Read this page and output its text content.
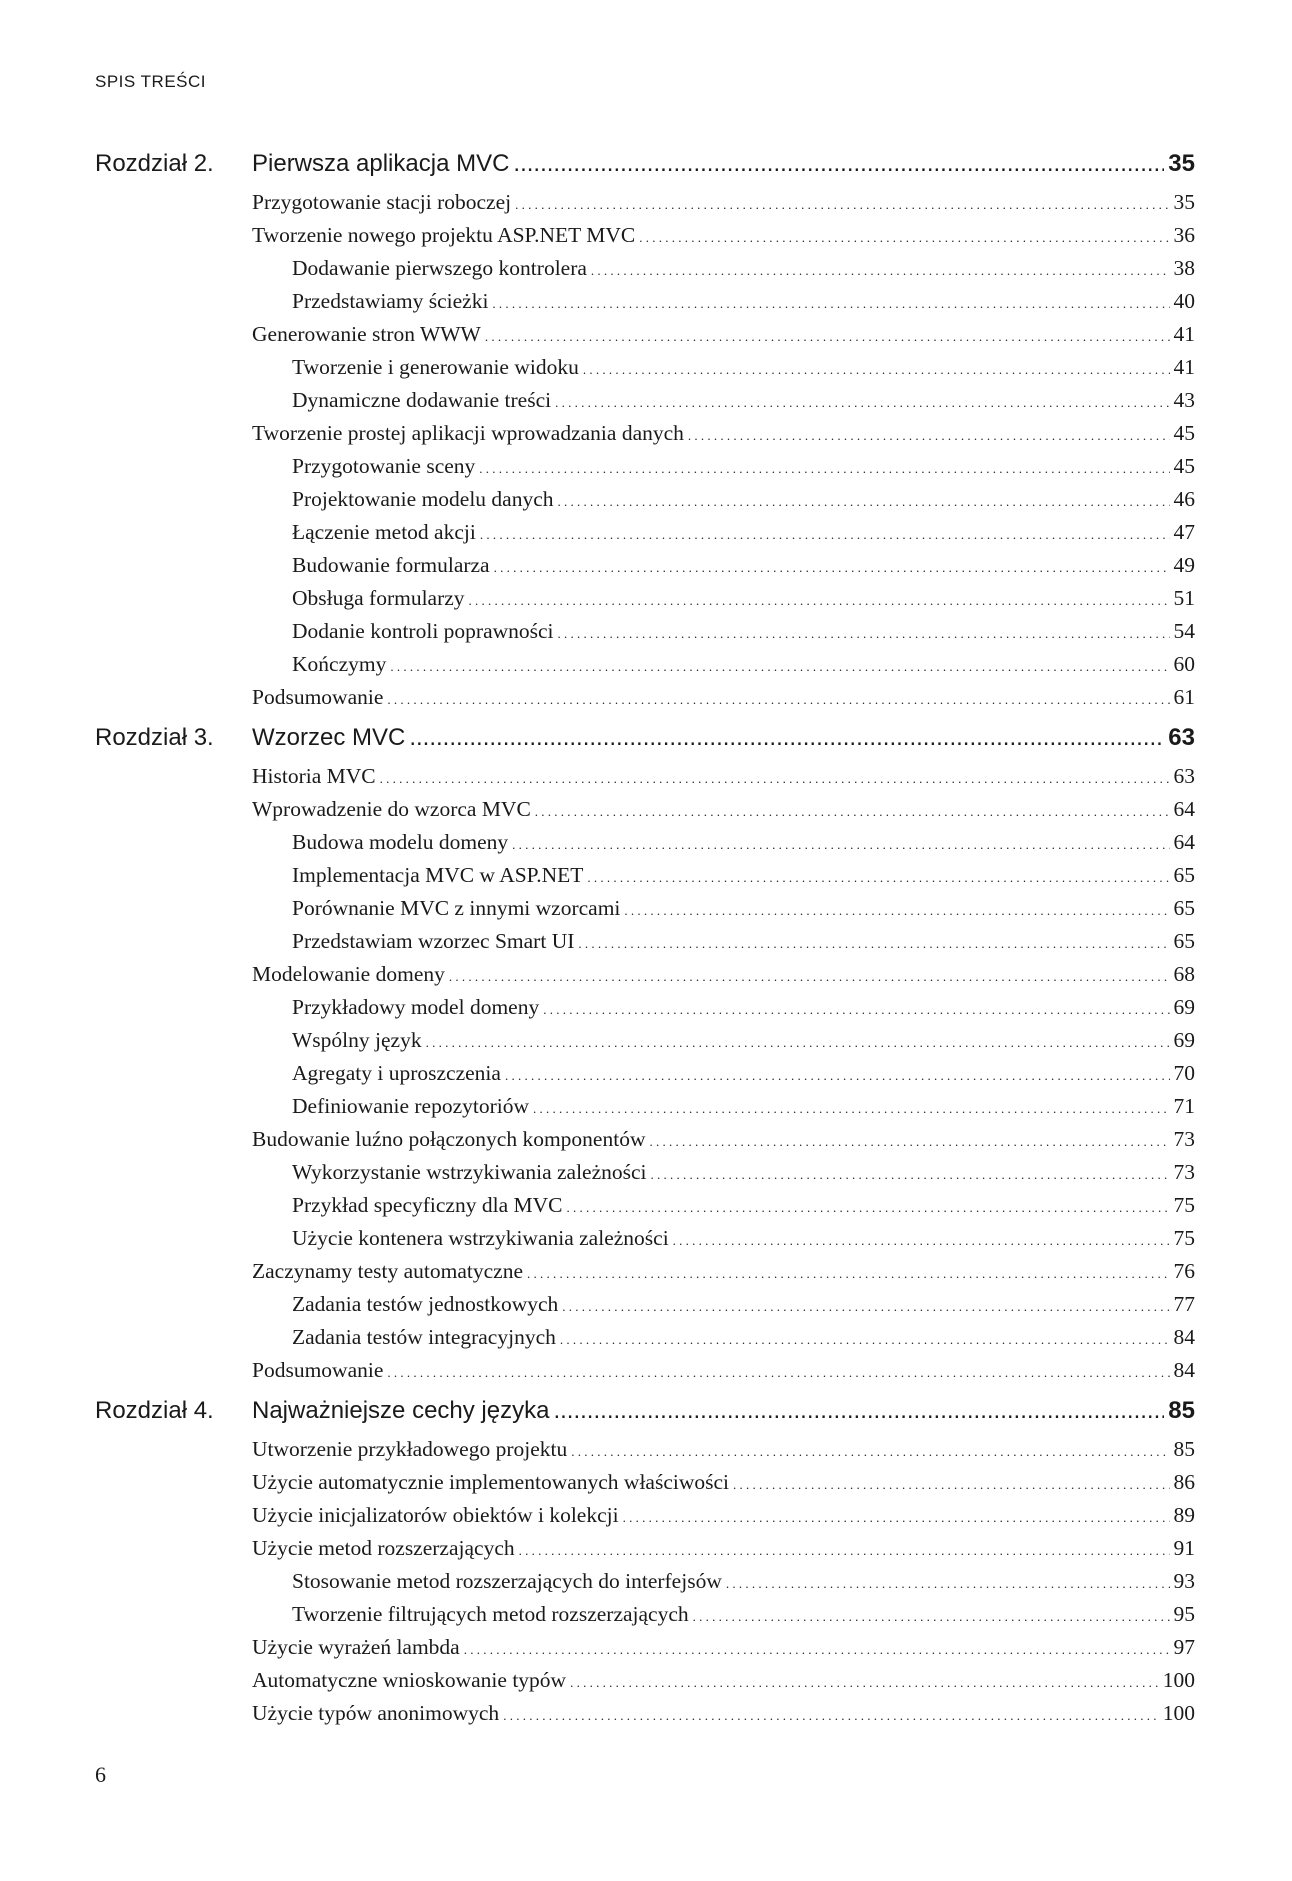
SPIS TREŚCI
Rozdział 2.	Pierwsza aplikacja MVC .....	35
Przygotowanie stacji roboczej . . .	35
Tworzenie nowego projektu ASP.NET MVC . . .	36
Dodawanie pierwszego kontrolera . . .	38
Przedstawiamy ścieżki . . .	40
Generowanie stron WWW . . .	41
Tworzenie i generowanie widoku . . .	41
Dynamiczne dodawanie treści . . .	43
Tworzenie prostej aplikacji wprowadzania danych . . .	45
Przygotowanie sceny . . .	45
Projektowanie modelu danych . . .	46
Łączenie metod akcji . . .	47
Budowanie formularza . . .	49
Obsługa formularzy . . .	51
Dodanie kontroli poprawności . . .	54
Kończymy . . .	60
Podsumowanie . . .	61
Rozdział 3.	Wzorzec MVC .....	63
Historia MVC . . .	63
Wprowadzenie do wzorca MVC . . .	64
Budowa modelu domeny . . .	64
Implementacja MVC w ASP.NET . . .	65
Porównanie MVC z innymi wzorcami . . .	65
Przedstawiam wzorzec Smart UI . . .	65
Modelowanie domeny . . .	68
Przykładowy model domeny . . .	69
Wspólny język . . .	69
Agregaty i uproszczenia . . .	70
Definiowanie repozytoriów . . .	71
Budowanie luźno połączonych komponentów . . .	73
Wykorzystanie wstrzykiwania zależności . . .	73
Przykład specyficzny dla MVC . . .	75
Użycie kontenera wstrzykiwania zależności . . .	75
Zaczynamy testy automatyczne . . .	76
Zadania testów jednostkowych . . .	77
Zadania testów integracyjnych . . .	84
Podsumowanie . . .	84
Rozdział 4.	Najważniejsze cechy języka .....	85
Utworzenie przykładowego projektu . . .	85
Użycie automatycznie implementowanych właściwości . . .	86
Użycie inicjalizatorów obiektów i kolekcji . . .	89
Użycie metod rozszerzających . . .	91
Stosowanie metod rozszerzających do interfejsów . . .	93
Tworzenie filtrujących metod rozszerzających . . .	95
Użycie wyrażeń lambda . . .	97
Automatyczne wnioskowanie typów . . .	100
Użycie typów anonimowych . . .	100
6
